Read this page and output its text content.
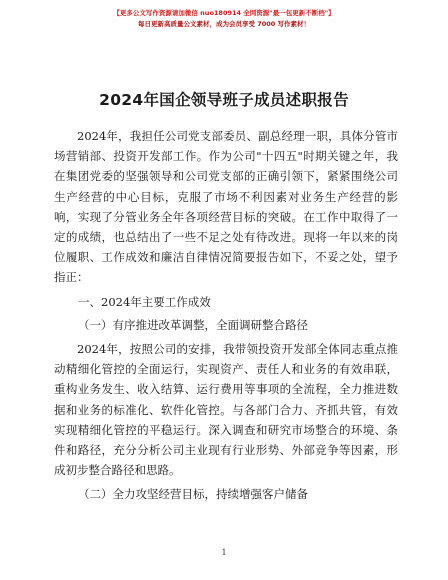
【更多公文写作资源请加微信 nuo180914 全网资源"最一包更新不断档"】
每日更新高质量公文素材，成为会员享受 7000 写作素材！
2024年国企领导班子成员述职报告
2024年，我担任公司党支部委员、副总经理一职，具体分管市场营销部、投资开发部工作。作为公司"十四五"时期关键之年，我在集团党委的坚强领导和公司党支部的正确引领下，紧紧围绕公司生产经营的中心目标，克服了市场不利因素对业务生产经营的影响，实现了分管业务全年各项经营目标的突破。在工作中取得了一定的成绩，也总结出了一些不足之处有待改进。现将一年以来的岗位履职、工作成效和廉洁自律情况简要报告如下，不妥之处，望予指正：
一、2024年主要工作成效
（一）有序推进改革调整，全面调研整合路径
2024年，按照公司的安排，我带领投资开发部全体同志重点推动精细化管控的全面运行，实现资产、责任人和业务的有效串联，重构业务发生、收入结算、运行费用等事项的全流程，全力推进数据和业务的标准化、软件化管控。与各部门合力、齐抓共管，有效实现精细化管控的平稳运行。深入调查和研究市场整合的环境、条件和路径，充分分析公司主业现有行业形势、外部竞争等因素，形成初步整合路径和思路。
（二）全力攻坚经营目标，持续增强客户储备
1
